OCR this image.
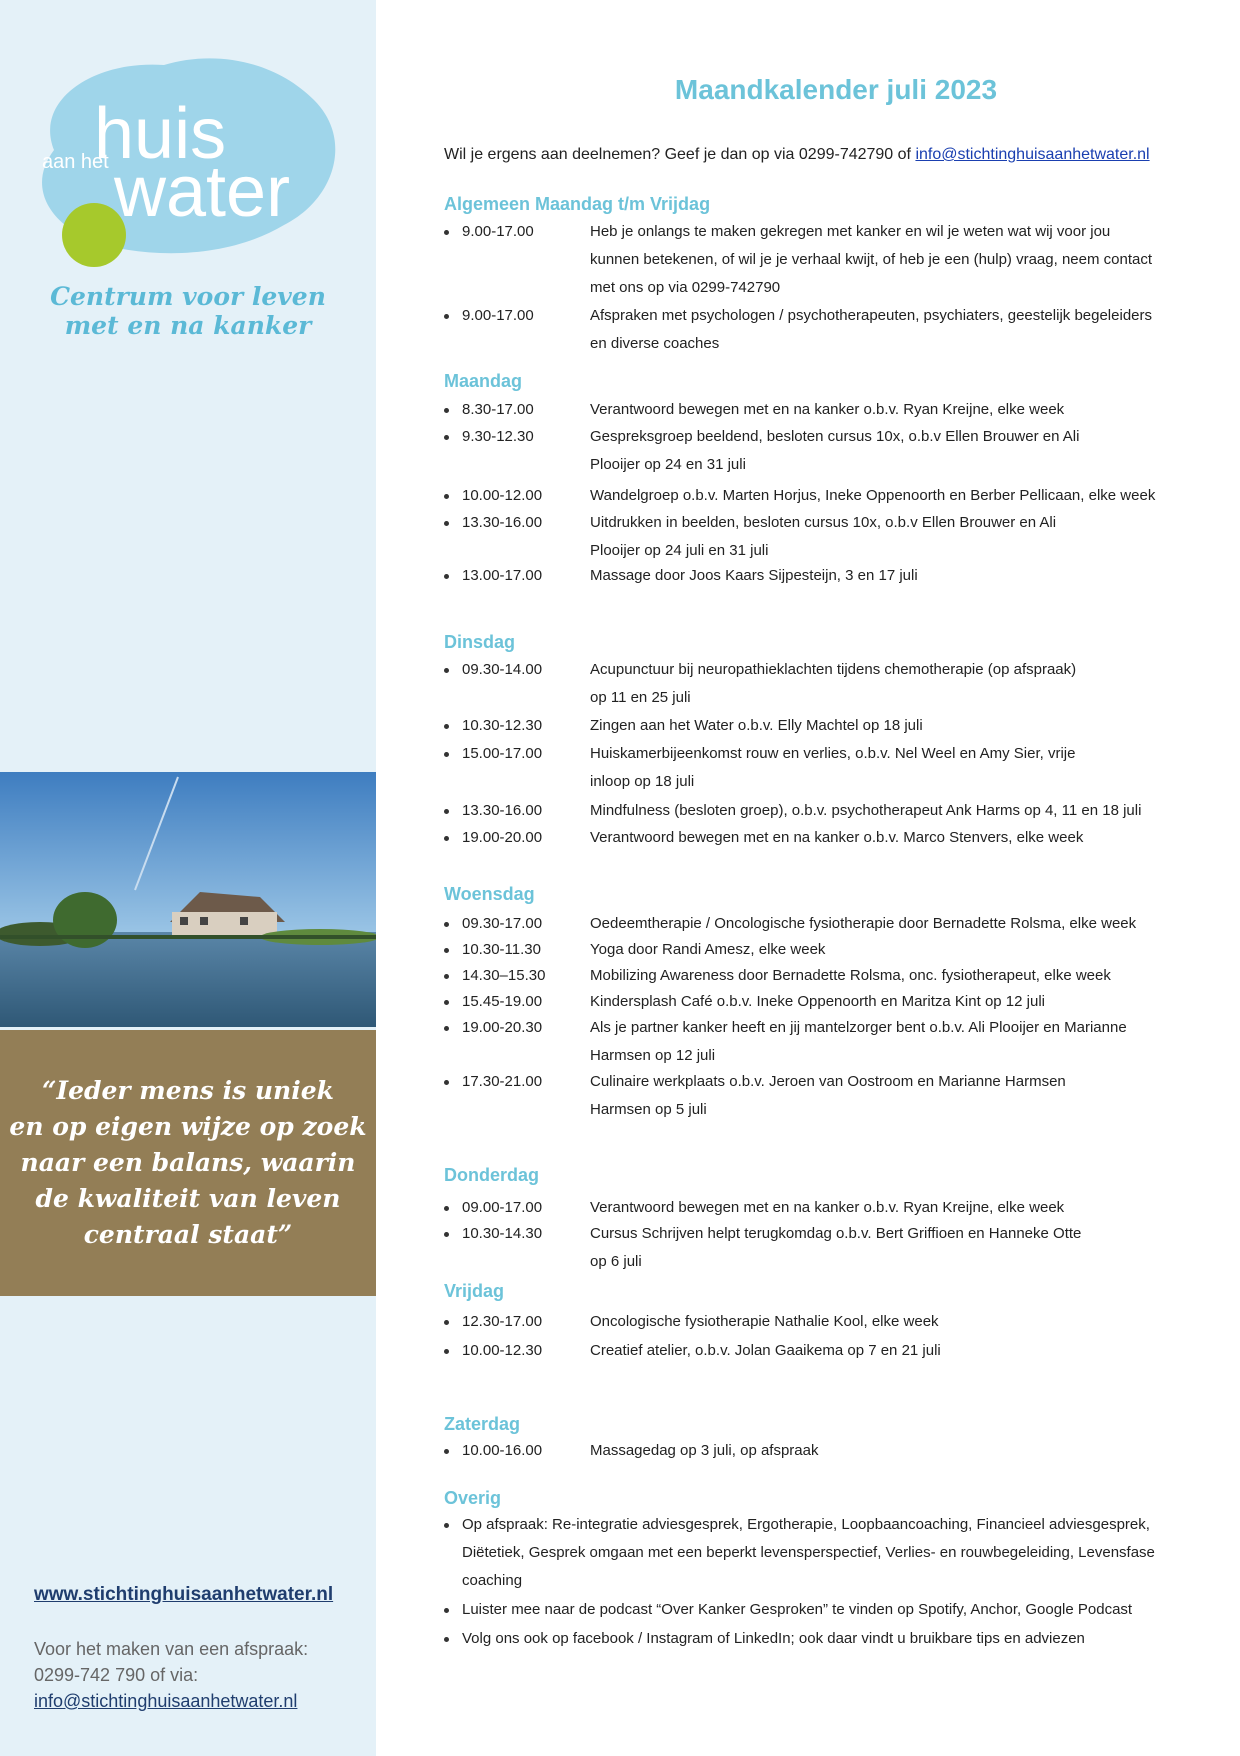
huis
aan het water
Centrum voor leven
met en na kanker
“Ieder mens is uniek
en op eigen wijze op zoek
naar een balans, waarin
de kwaliteit van leven
centraal staat”
www.stichtinghuisaanhetwater.nl
Voor het maken van een afspraak:
0299-742 790 of via:
info@stichtinghuisaanhetwater.nl
Maandkalender juli 2023
Wil je ergens aan deelnemen? Geef je dan op via 0299-742790 of info@stichtinghuisaanhetwater.nl
Algemeen Maandag t/m Vrijdag
9.00-17.00	Heb je onlangs te maken gekregen met kanker en wil je weten wat wij voor jou
kunnen betekenen, of wil je je verhaal kwijt, of heb je een (hulp) vraag, neem contact
met ons op via 0299-742790
9.00-17.00	Afspraken met psychologen / psychotherapeuten, psychiaters, geestelijk begeleiders
en diverse coaches
Maandag
8.30-17.00	Verantwoord bewegen met en na kanker o.b.v. Ryan Kreijne, elke week
9.30-12.30	Gespreksgroep beeldend, besloten cursus 10x, o.b.v Ellen Brouwer en Ali
Plooijer op 24 en 31 juli
10.00-12.00	Wandelgroep o.b.v. Marten Horjus, Ineke Oppenoorth en Berber Pellicaan, elke week
13.30-16.00	Uitdrukken in beelden, besloten cursus 10x, o.b.v Ellen Brouwer en Ali
Plooijer op 24 juli en 31 juli
13.00-17.00	Massage door Joos Kaars Sijpesteijn, 3 en 17 juli
Dinsdag
09.30-14.00	Acupunctuur bij neuropathieklachten tijdens chemotherapie (op afspraak)
op 11 en 25 juli
10.30-12.30	Zingen aan het Water o.b.v. Elly Machtel op 18 juli
15.00-17.00	Huiskamerbijeenkomst rouw en verlies, o.b.v. Nel Weel en Amy Sier, vrije
inloop op 18 juli
13.30-16.00	Mindfulness (besloten groep), o.b.v. psychotherapeut Ank Harms op 4, 11 en 18 juli
19.00-20.00	Verantwoord bewegen met en na kanker o.b.v. Marco Stenvers, elke week
Woensdag
09.30-17.00	Oedeemtherapie / Oncologische fysiotherapie door Bernadette Rolsma, elke week
10.30-11.30	Yoga door Randi Amesz, elke week
14.30–15.30	Mobilizing Awareness door Bernadette Rolsma, onc. fysiotherapeut, elke week
15.45-19.00	Kindersplash Café o.b.v. Ineke Oppenoorth en Maritza Kint op 12 juli
19.00-20.30	Als je partner kanker heeft en jij mantelzorger bent o.b.v. Ali Plooijer en Marianne
Harmsen op 12 juli
17.30-21.00	Culinaire werkplaats o.b.v. Jeroen van Oostroom en Marianne Harmsen
Harmsen op 5 juli
Donderdag
09.00-17.00	Verantwoord bewegen met en na kanker o.b.v. Ryan Kreijne, elke week
10.30-14.30	Cursus Schrijven helpt terugkomdag o.b.v. Bert Griffioen en Hanneke Otte
op 6 juli
Vrijdag
12.30-17.00	Oncologische fysiotherapie Nathalie Kool, elke week
10.00-12.30	Creatief atelier, o.b.v. Jolan Gaaikema op 7 en 21 juli
Zaterdag
10.00-16.00	Massagedag op 3 juli, op afspraak
Overig
Op afspraak: Re-integratie adviesgesprek, Ergotherapie, Loopbaancoaching, Financieel adviesgesprek,
Diëtetiek, Gesprek omgaan met een beperkt levensperspectief, Verlies- en rouwbegeleiding, Levensfase
coaching
Luister mee naar de podcast “Over Kanker Gesproken” te vinden op Spotify, Anchor, Google Podcast
Volg ons ook op facebook / Instagram of LinkedIn; ook daar vindt u bruikbare tips en adviezen
